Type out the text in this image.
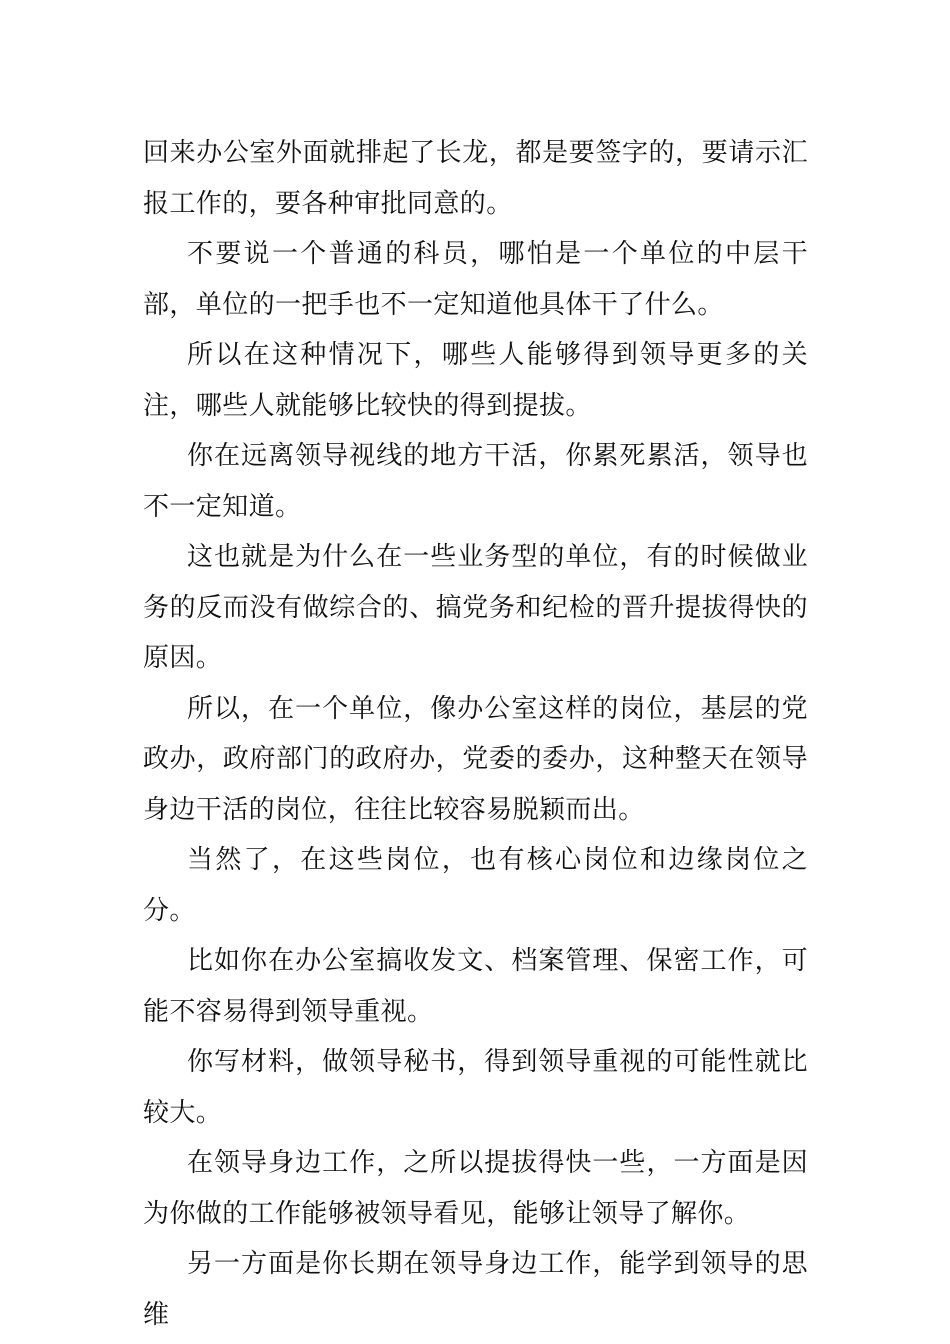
回来办公室外面就排起了长龙，都是要签字的，要请示汇报工作的，要各种审批同意的。

不要说一个普通的科员，哪怕是一个单位的中层干部，单位的一把手也不一定知道他具体干了什么。

所以在这种情况下，哪些人能够得到领导更多的关注，哪些人就能够比较快的得到提拔。

你在远离领导视线的地方干活，你累死累活，领导也不一定知道。

这也就是为什么在一些业务型的单位，有的时候做业务的反而没有做综合的、搞党务和纪检的晋升提拔得快的原因。

所以，在一个单位，像办公室这样的岗位，基层的党政办，政府部门的政府办，党委的委办，这种整天在领导身边干活的岗位，往往比较容易脱颖而出。

当然了，在这些岗位，也有核心岗位和边缘岗位之分。

比如你在办公室搞收发文、档案管理、保密工作，可能不容易得到领导重视。

你写材料，做领导秘书，得到领导重视的可能性就比较大。

在领导身边工作，之所以提拔得快一些，一方面是因为你做的工作能够被领导看见，能够让领导了解你。

另一方面是你长期在领导身边工作，能学到领导的思维
